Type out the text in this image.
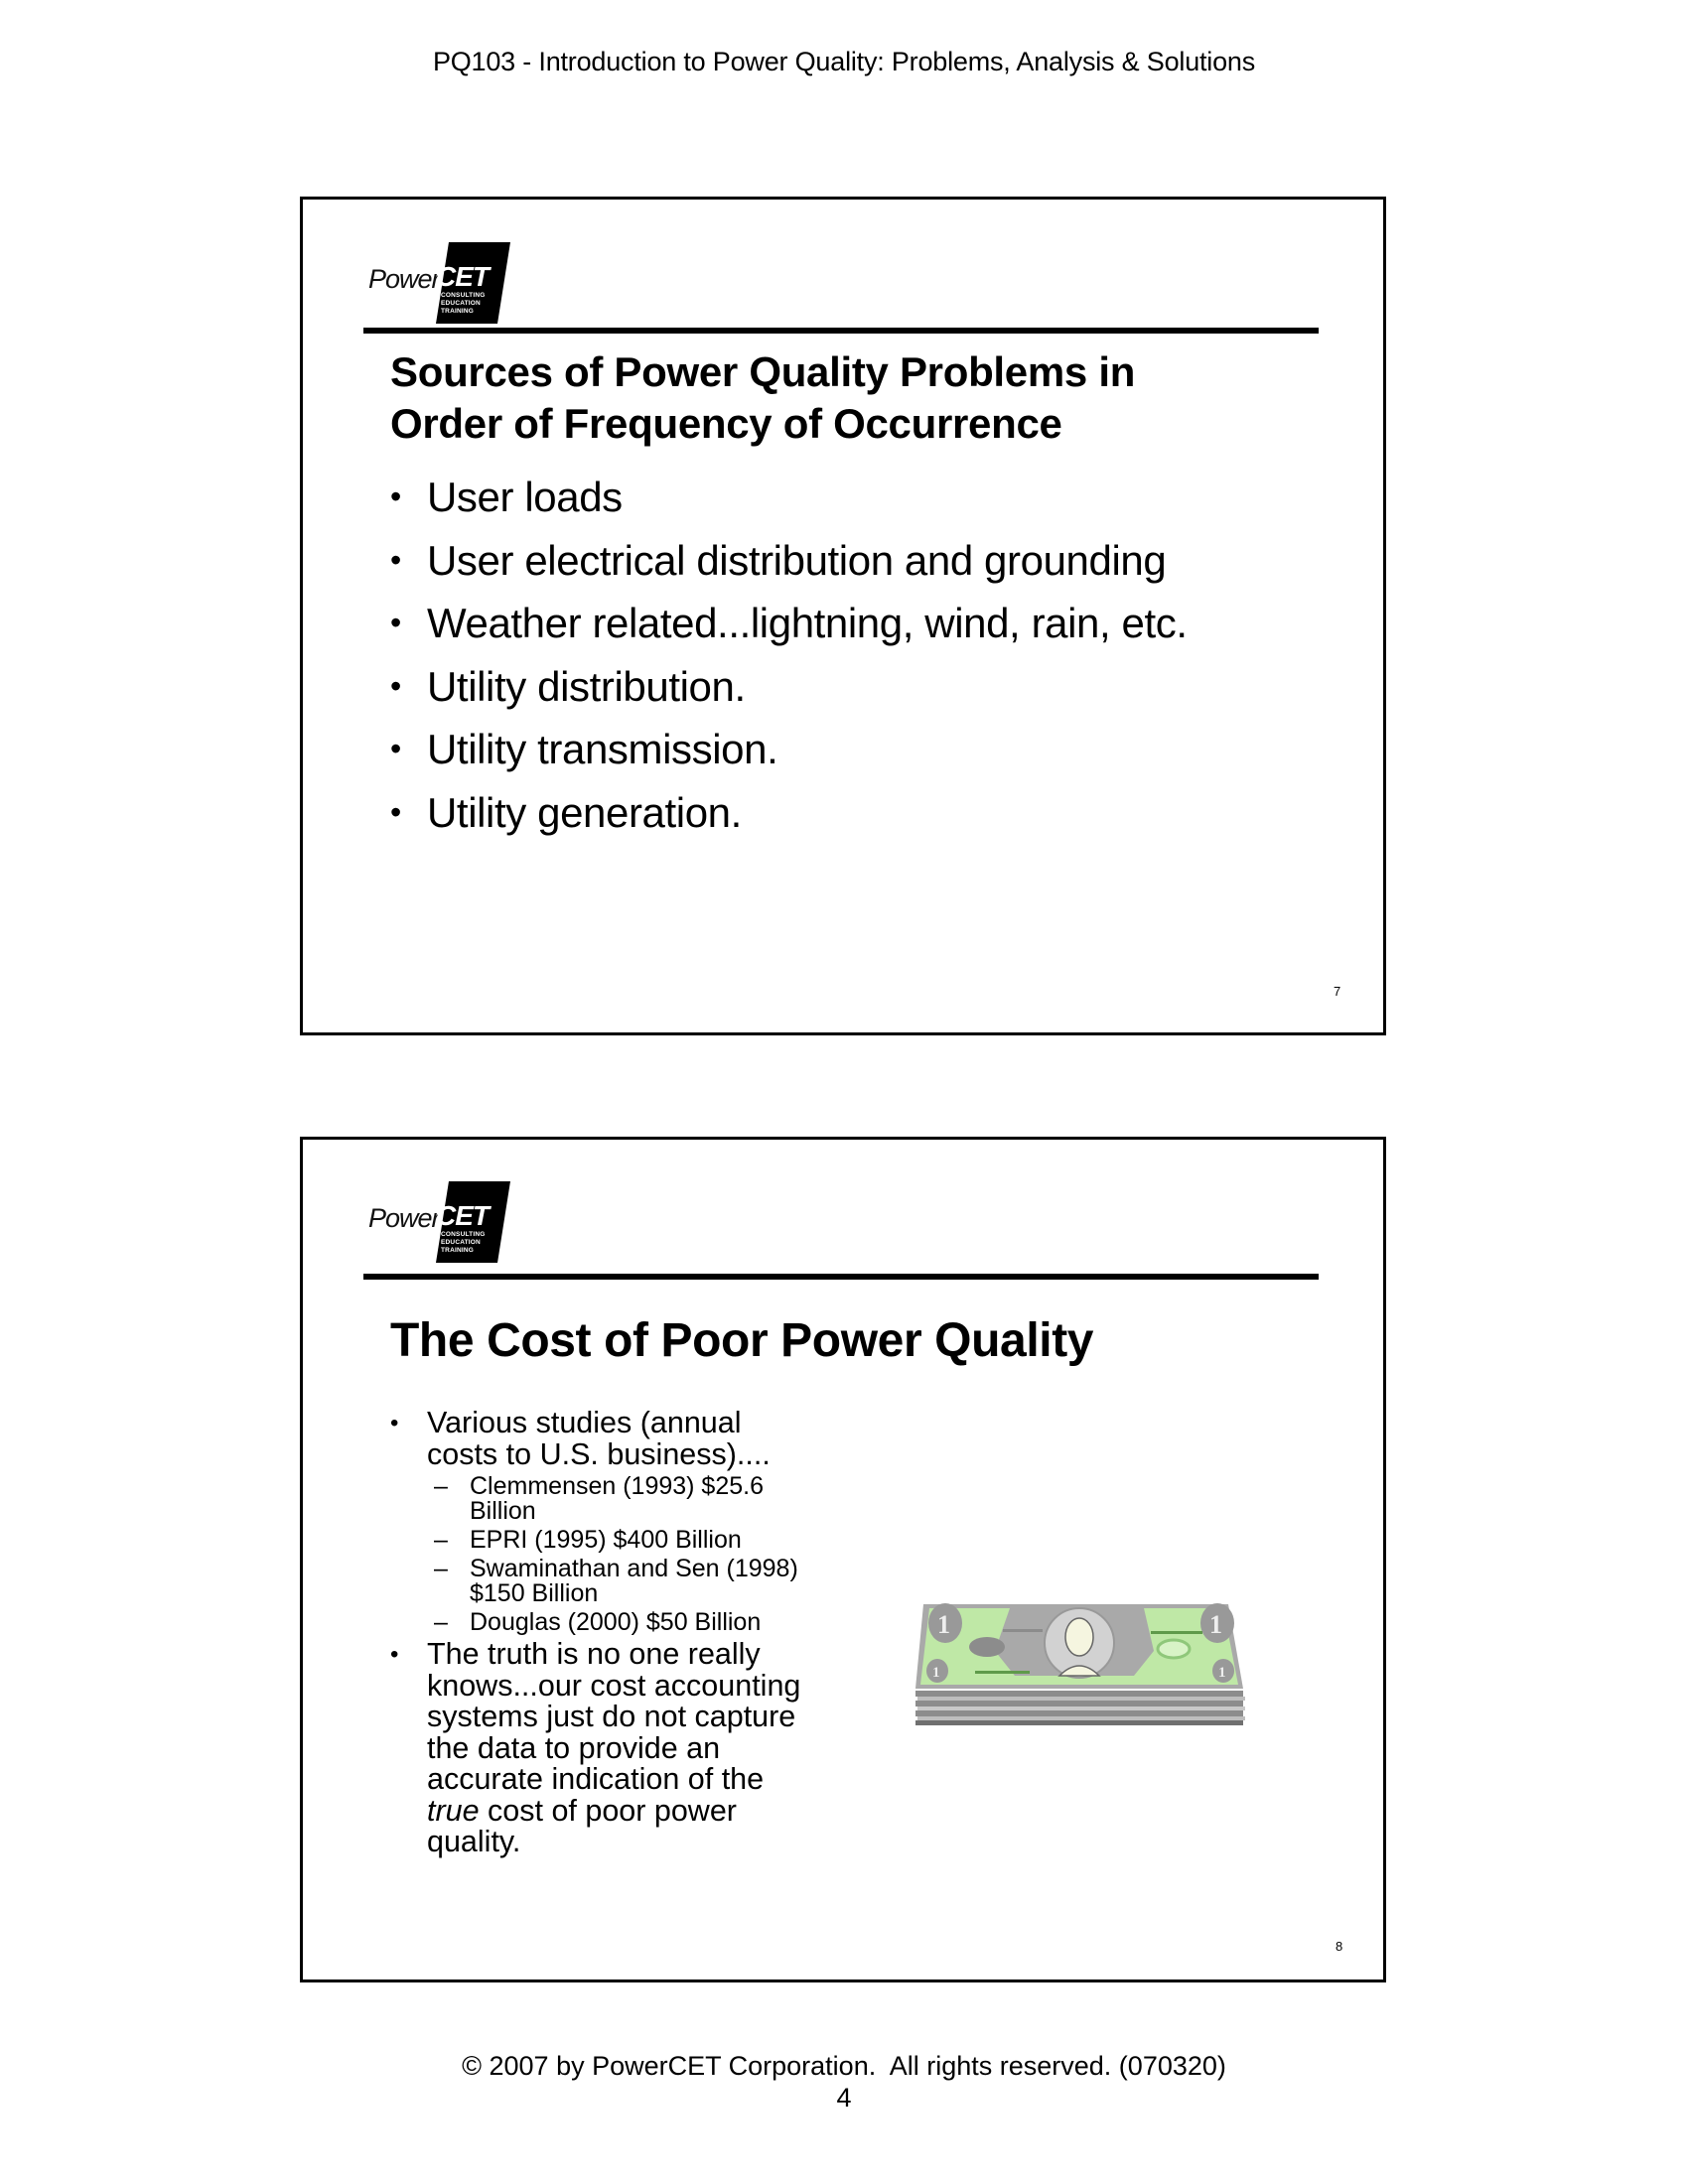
PQ103 - Introduction to Power Quality: Problems, Analysis & Solutions
Power
CET ®
CONSULTING
EDUCATION
TRAINING
Sources of Power Quality Problems in
Order of Frequency of Occurrence
• User loads
• User electrical distribution and grounding
• Weather related...lightning, wind, rain, etc.
• Utility distribution.
• Utility transmission.
• Utility generation.
7
Power
CET ®
CONSULTING
EDUCATION
TRAINING
The Cost of Poor Power Quality
• Various studies (annual costs to U.S. business)....
– Clemmensen (1993) $25.6 Billion
– EPRI (1995) $400 Billion
– Swaminathan and Sen (1998) $150 Billion
– Douglas (2000) $50 Billion
• The truth is no one really knows...our cost accounting systems just do not capture the data to provide an accurate indication of the true cost of poor power quality.
1	1
1	1
8
© 2007 by PowerCET Corporation.  All rights reserved. (070320)
4
